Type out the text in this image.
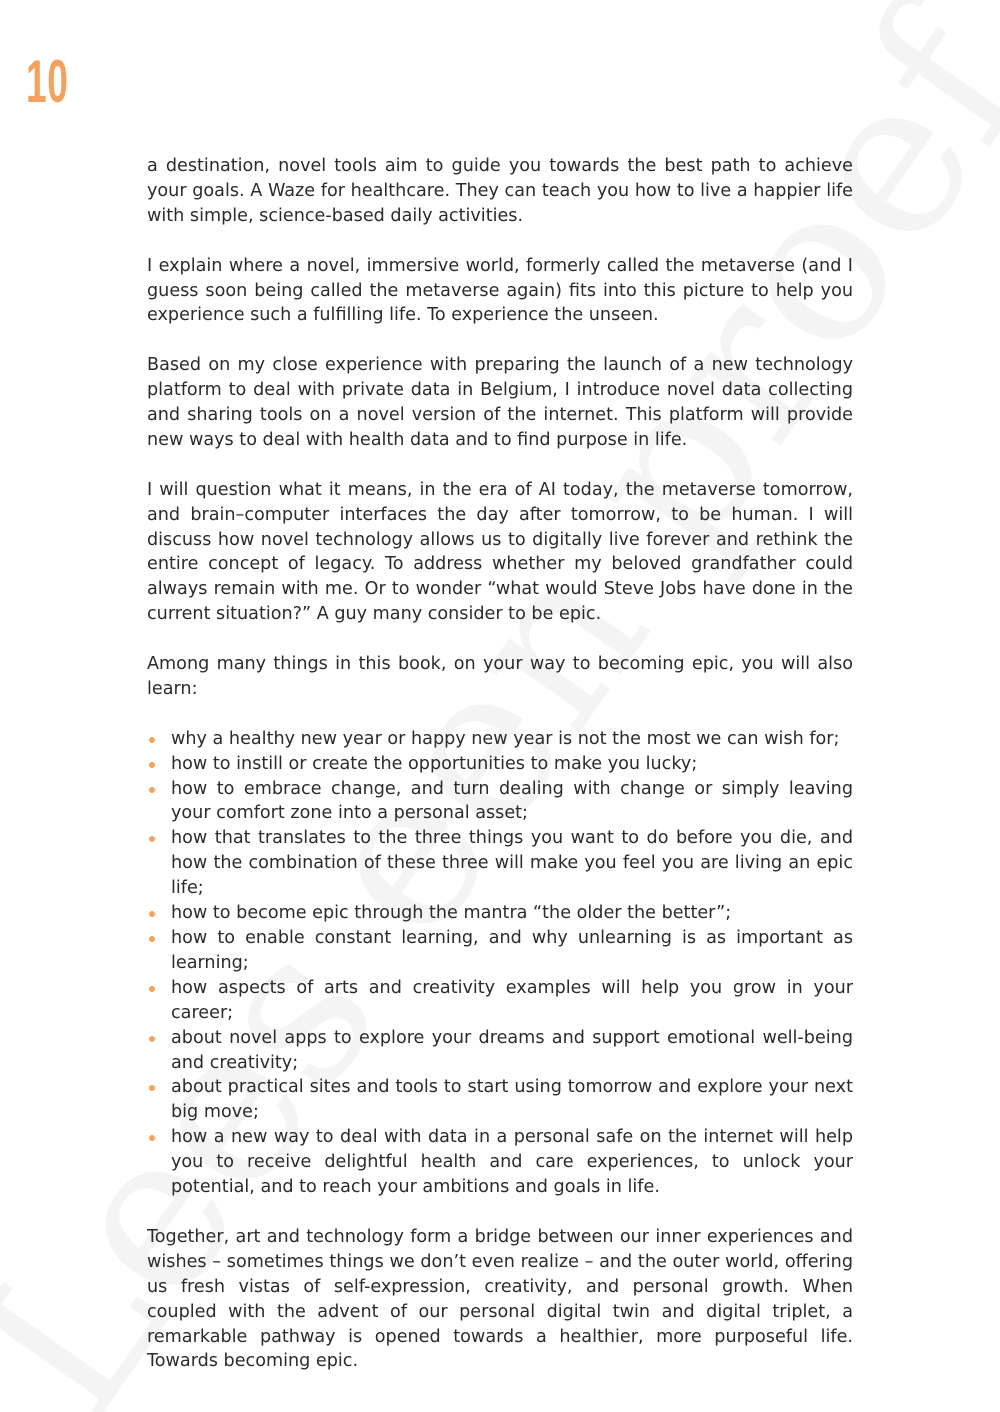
10

a destination, novel tools aim to guide you towards the best path to achieve your goals. A Waze for healthcare. They can teach you how to live a happier life with simple, science-based daily activities.

I explain where a novel, immersive world, formerly called the metaverse (and I guess soon being called the metaverse again) fits into this picture to help you experience such a fulfilling life. To experience the unseen.

Based on my close experience with preparing the launch of a new technology platform to deal with private data in Belgium, I introduce novel data collecting and sharing tools on a novel version of the internet. This platform will provide new ways to deal with health data and to find purpose in life.

I will question what it means, in the era of AI today, the metaverse tomorrow, and brain–computer interfaces the day after tomorrow, to be human. I will discuss how novel technology allows us to digitally live forever and rethink the entire concept of legacy. To address whether my beloved grandfather could always remain with me. Or to wonder “what would Steve Jobs have done in the current situation?” A guy many consider to be epic.

Among many things in this book, on your way to becoming epic, you will also learn:

why a healthy new year or happy new year is not the most we can wish for;
how to instill or create the opportunities to make you lucky;
how to embrace change, and turn dealing with change or simply leaving your comfort zone into a personal asset;
how that translates to the three things you want to do before you die, and how the combination of these three will make you feel you are living an epic life;
how to become epic through the mantra “the older the better”;
how to enable constant learning, and why unlearning is as important as learning;
how aspects of arts and creativity examples will help you grow in your career;
about novel apps to explore your dreams and support emotional well-being and creativity;
about practical sites and tools to start using tomorrow and explore your next big move;
how a new way to deal with data in a personal safe on the internet will help you to receive delightful health and care experiences, to unlock your potential, and to reach your ambitions and goals in life.

Together, art and technology form a bridge between our inner experiences and wishes – sometimes things we don’t even realize – and the outer world, offering us fresh vistas of self-expression, creativity, and personal growth. When coupled with the advent of our personal digital twin and digital triplet, a remarkable pathway is opened towards a healthier, more purposeful life. Towards becoming epic.
